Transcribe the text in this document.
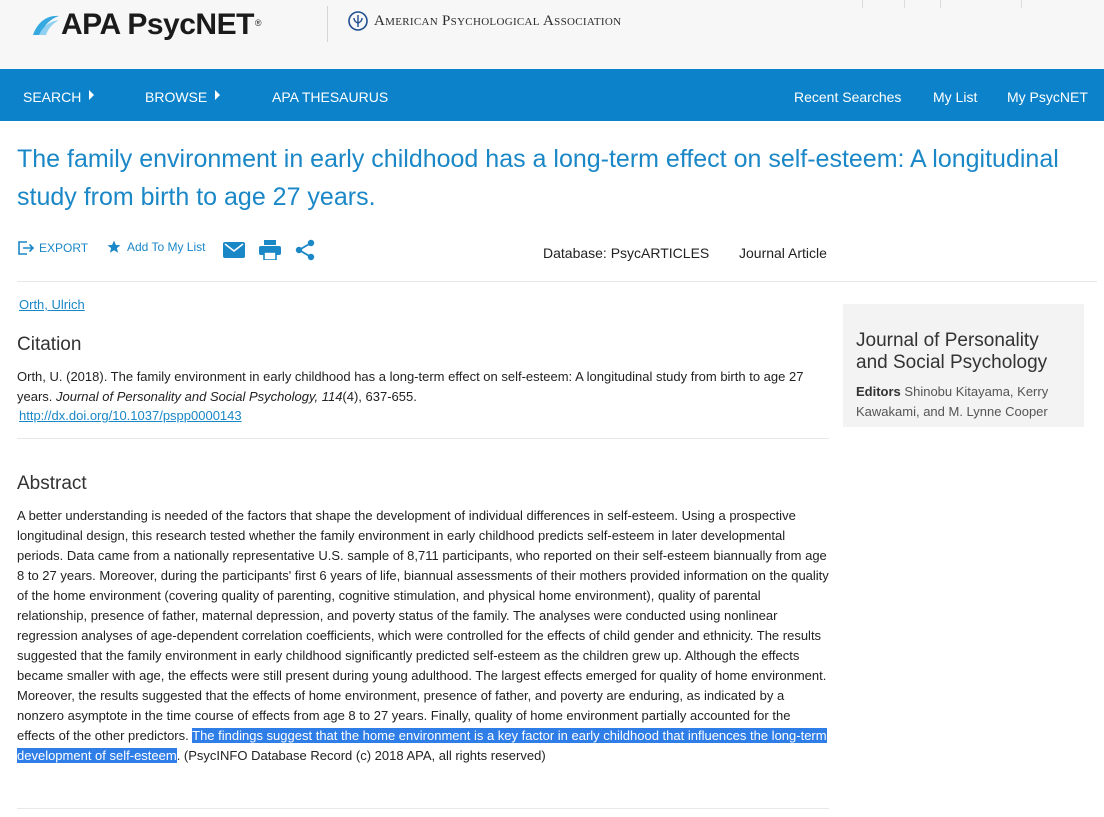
APA PsycNET ®	American Psychological Association
SEARCH	BROWSE	APA THESAURUS	Recent Searches My List My PsycNET
The family environment in early childhood has a long-term effect on self-esteem: A longitudinal study from birth to age 27 years.
EXPORT	Add To My List	Database: PsycARTICLES Journal Article
Orth, Ulrich
Citation
Orth, U. (2018). The family environment in early childhood has a long-term effect on self-esteem: A longitudinal study from birth to age 27 years. Journal of Personality and Social Psychology, 114(4), 637-655.
http://dx.doi.org/10.1037/pspp0000143
Abstract
A better understanding is needed of the factors that shape the development of individual differences in self-esteem. Using a prospective longitudinal design, this research tested whether the family environment in early childhood predicts self-esteem in later developmental periods. Data came from a nationally representative U.S. sample of 8,711 participants, who reported on their self-esteem biannually from age 8 to 27 years. Moreover, during the participants' first 6 years of life, biannual assessments of their mothers provided information on the quality of the home environment (covering quality of parenting, cognitive stimulation, and physical home environment), quality of parental relationship, presence of father, maternal depression, and poverty status of the family. The analyses were conducted using nonlinear regression analyses of age-dependent correlation coefficients, which were controlled for the effects of child gender and ethnicity. The results suggested that the family environment in early childhood significantly predicted self-esteem as the children grew up. Although the effects became smaller with age, the effects were still present during young adulthood. The largest effects emerged for quality of home environment. Moreover, the results suggested that the effects of home environment, presence of father, and poverty are enduring, as indicated by a nonzero asymptote in the time course of effects from age 8 to 27 years. Finally, quality of home environment partially accounted for the effects of the other predictors. The findings suggest that the home environment is a key factor in early childhood that influences the long-term development of self-esteem. (PsycINFO Database Record (c) 2018 APA, all rights reserved)
Journal of Personality and Social Psychology
Editors Shinobu Kitayama, Kerry Kawakami, and M. Lynne Cooper
